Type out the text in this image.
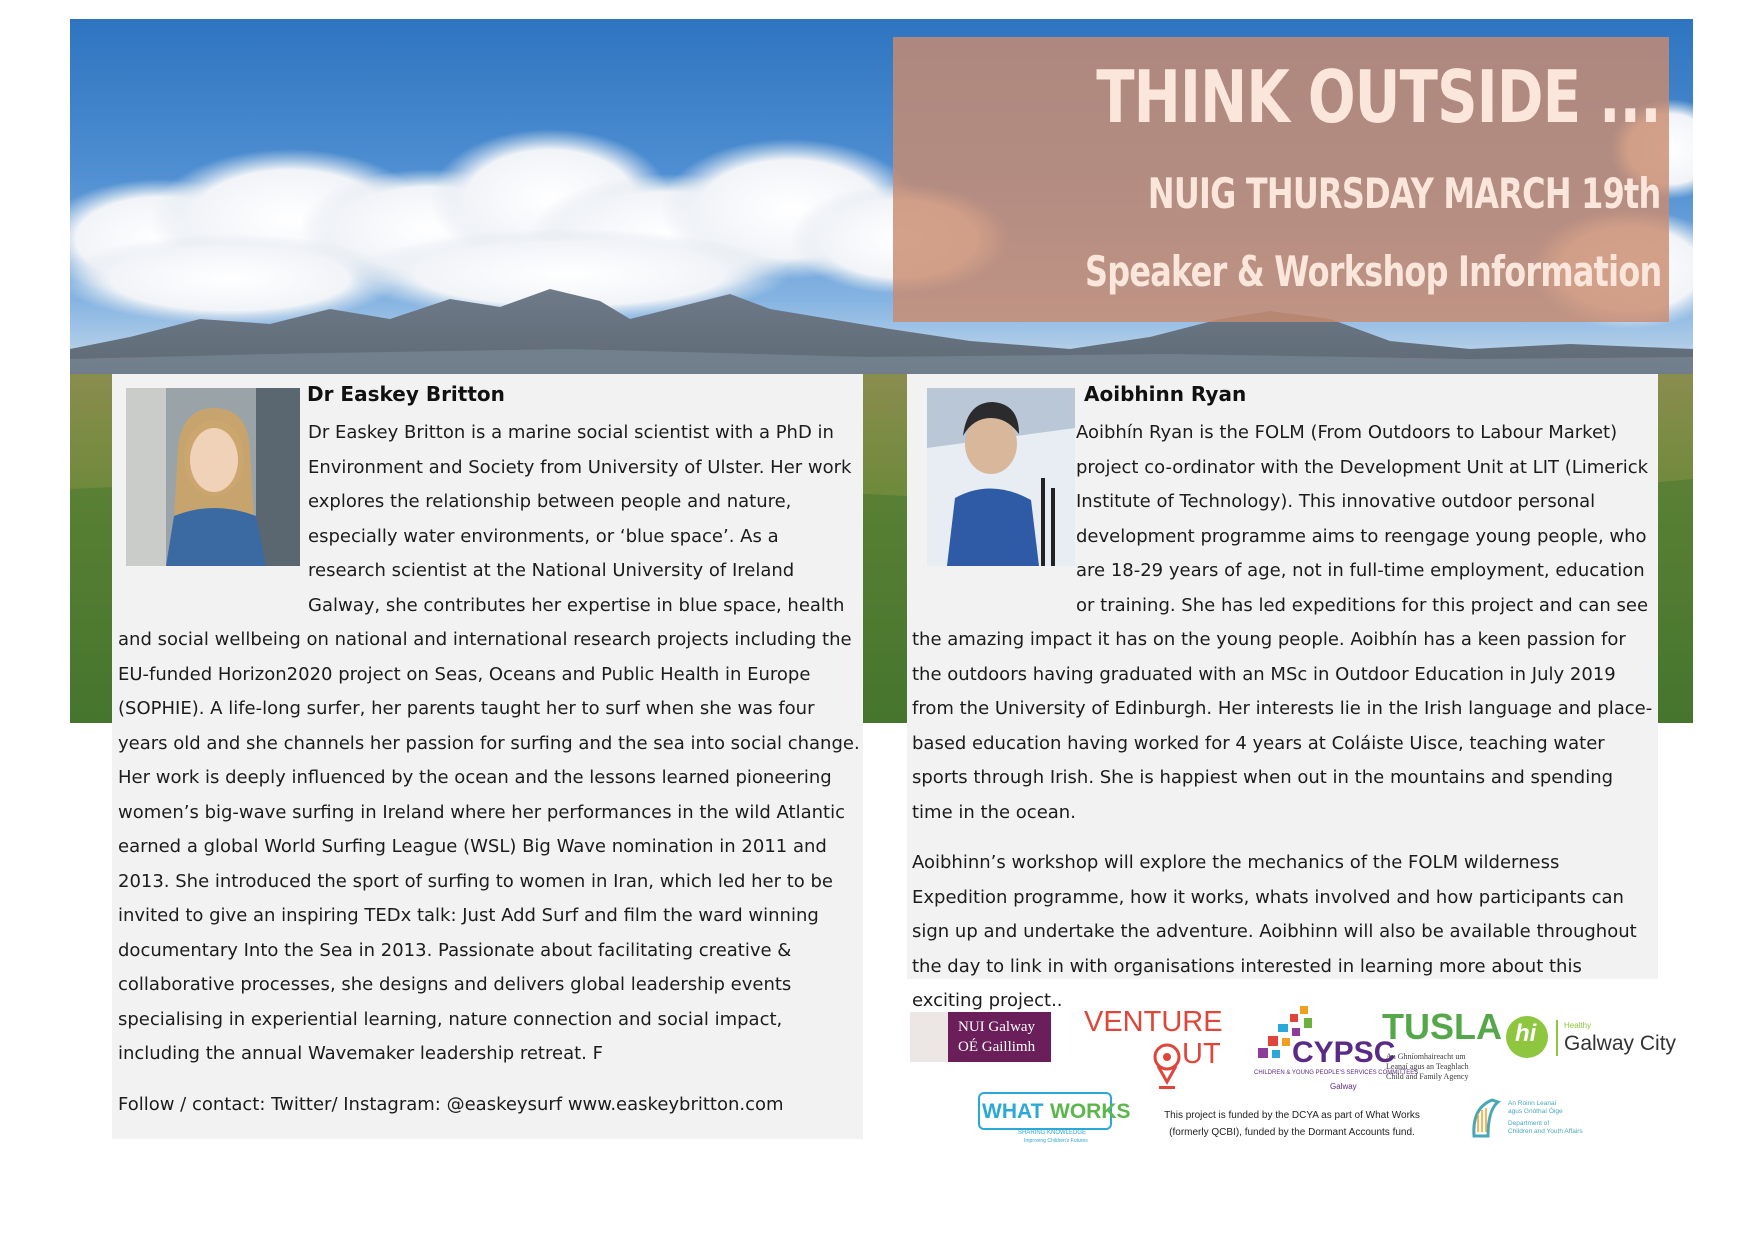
THINK OUTSIDE ...
NUIG THURSDAY MARCH 19th
Speaker & Workshop Information
Dr Easkey Britton
Dr Easkey Britton is a marine social scientist with a PhD in Environment and Society from University of Ulster. Her work explores the relationship between people and nature, especially water environments, or ‘blue space’. As a research scientist at the National University of Ireland Galway, she contributes her expertise in blue space, health and social wellbeing on national and international research projects including the EU-funded Horizon2020 project on Seas, Oceans and Public Health in Europe (SOPHIE). A life-long surfer, her parents taught her to surf when she was four years old and she channels her passion for surfing and the sea into social change. Her work is deeply influenced by the ocean and the lessons learned pioneering women’s big-wave surfing in Ireland where her performances in the wild Atlantic earned a global World Surfing League (WSL) Big Wave nomination in 2011 and 2013. She introduced the sport of surfing to women in Iran, which led her to be invited to give an inspiring TEDx talk: Just Add Surf and film the ward winning documentary Into the Sea in 2013. Passionate about facilitating creative & collaborative processes, she designs and delivers global leadership events specialising in experiential learning, nature connection and social impact, including the annual Wavemaker leadership retreat. F
Follow / contact: Twitter/ Instagram: @easkeysurf www.easkeybritton.com
Aoibhinn Ryan
Aoibhín Ryan is the FOLM (From Outdoors to Labour Market) project co-ordinator with the Development Unit at LIT (Limerick Institute of Technology). This innovative outdoor personal development programme aims to reengage young people, who are 18-29 years of age, not in full-time employment, education or training. She has led expeditions for this project and can see the amazing impact it has on the young people. Aoibhín has a keen passion for the outdoors having graduated with an MSc in Outdoor Education in July 2019 from the University of Edinburgh. Her interests lie in the Irish language and place-based education having worked for 4 years at Coláiste Uisce, teaching water sports through Irish. She is happiest when out in the mountains and spending time in the ocean.
Aoibhinn’s workshop will explore the mechanics of the FOLM wilderness Expedition programme, how it works, whats involved and how participants can sign up and undertake the adventure. Aoibhinn will also be available throughout the day to link in with organisations interested in learning more about this exciting project..
NUI Galway
OÉ Gaillimh
VENTURE
UT CYPSC
CHILDREN & YOUNG PEOPLE'S SERVICES COMMITTEES
Galway
TUSLA
An Ghníomhaireacht um
Leanaí agus an Teaghlach
Child and Family Agency
hi	Healthy
Galway City
WHAT WORKS
SHARING KNOWLEDGE
Improving Children's Futures
This project is funded by the DCYA as part of What Works
(formerly QCBI), funded by the Dormant Accounts fund.
An Roinn Leanaí
agus Gnóthaí Óige
Department of
Children and Youth Affairs
